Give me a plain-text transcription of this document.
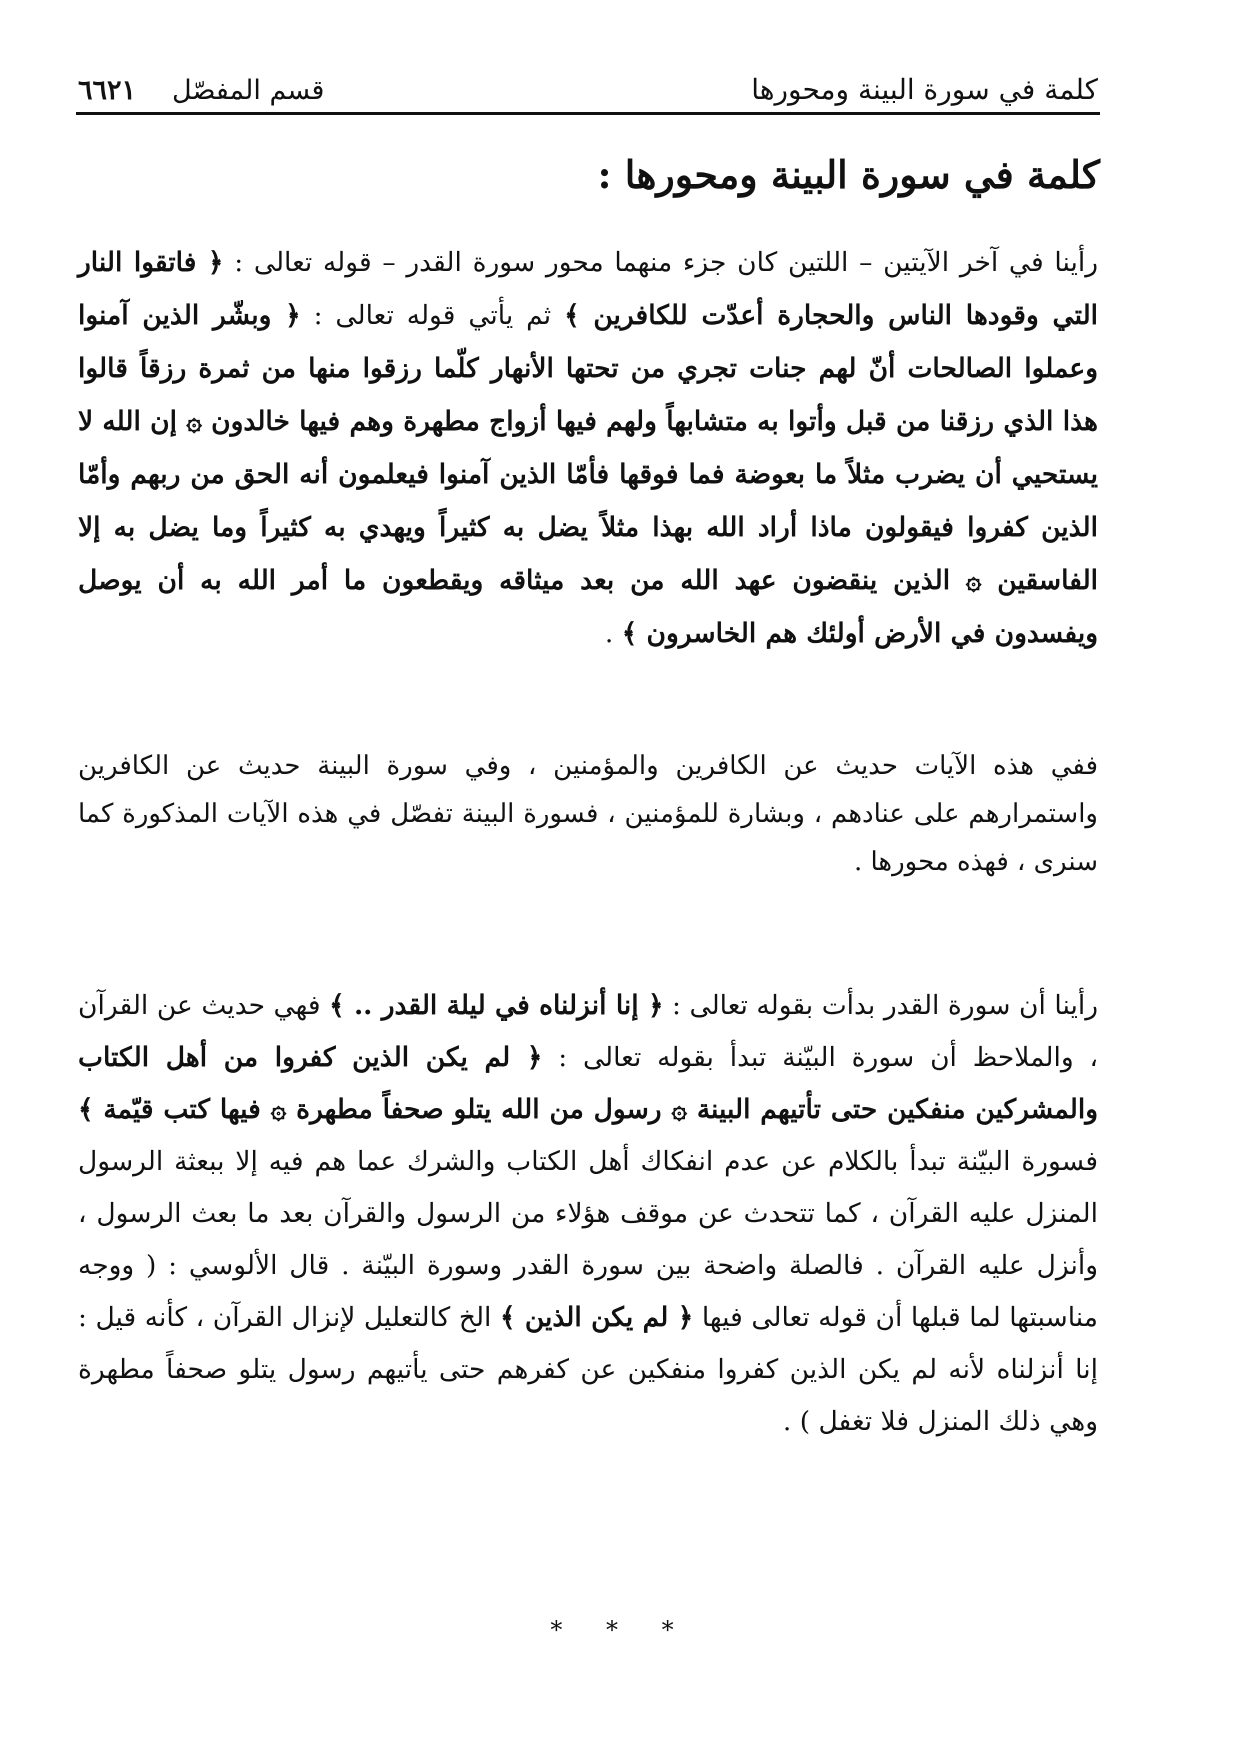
كلمة في سورة البينة ومحورها
قسم المفصّل
٦٦٢١
كلمة في سورة البينة ومحورها :

رأينا في آخر الآيتين – اللتين كان جزء منهما محور سورة القدر – قوله تعالى : ﴿ فاتقوا النار التي وقودها الناس والحجارة أعدّت للكافرين ﴾ ثم يأتي قوله تعالى : ﴿ وبشّر الذين آمنوا وعملوا الصالحات أنّ لهم جنات تجري من تحتها الأنهار كلّما رزقوا منها من ثمرة رزقاً قالوا هذا الذي رزقنا من قبل وأتوا به متشابهاً ولهم فيها أزواج مطهرة وهم فيها خالدون ۞ إن الله لا يستحيي أن يضرب مثلاً ما بعوضة فما فوقها فأمّا الذين آمنوا فيعلمون أنه الحق من ربهم وأمّا الذين كفروا فيقولون ماذا أراد الله بهذا مثلاً يضل به كثيراً ويهدي به كثيراً وما يضل به إلا الفاسقين ۞ الذين ينقضون عهد الله من بعد ميثاقه ويقطعون ما أمر الله به أن يوصل ويفسدون في الأرض أولئك هم الخاسرون ﴾ .

ففي هذه الآيات حديث عن الكافرين والمؤمنين ، وفي سورة البينة حديث عن الكافرين واستمرارهم على عنادهم ، وبشارة للمؤمنين ، فسورة البينة تفصّل في هذه الآيات المذكورة كما سنرى ، فهذه محورها .

رأينا أن سورة القدر بدأت بقوله تعالى : ﴿ إنا أنزلناه في ليلة القدر .. ﴾ فهي حديث عن القرآن ، والملاحظ أن سورة البيّنة تبدأ بقوله تعالى : ﴿ لم يكن الذين كفروا من أهل الكتاب والمشركين منفكين حتى تأتيهم البينة ۞ رسول من الله يتلو صحفاً مطهرة ۞ فيها كتب قيّمة ﴾ فسورة البيّنة تبدأ بالكلام عن عدم انفكاك أهل الكتاب والشرك عما هم فيه إلا ببعثة الرسول المنزل عليه القرآن ، كما تتحدث عن موقف هؤلاء من الرسول والقرآن بعد ما بعث الرسول ، وأنزل عليه القرآن . فالصلة واضحة بين سورة القدر وسورة البيّنة . قال الألوسي : ( ووجه مناسبتها لما قبلها أن قوله تعالى فيها ﴿ لم يكن الذين ﴾ الخ كالتعليل لإنزال القرآن ، كأنه قيل : إنا أنزلناه لأنه لم يكن الذين كفروا منفكين عن كفرهم حتى يأتيهم رسول يتلو صحفاً مطهرة وهي ذلك المنزل فلا تغفل ) .

* * *
